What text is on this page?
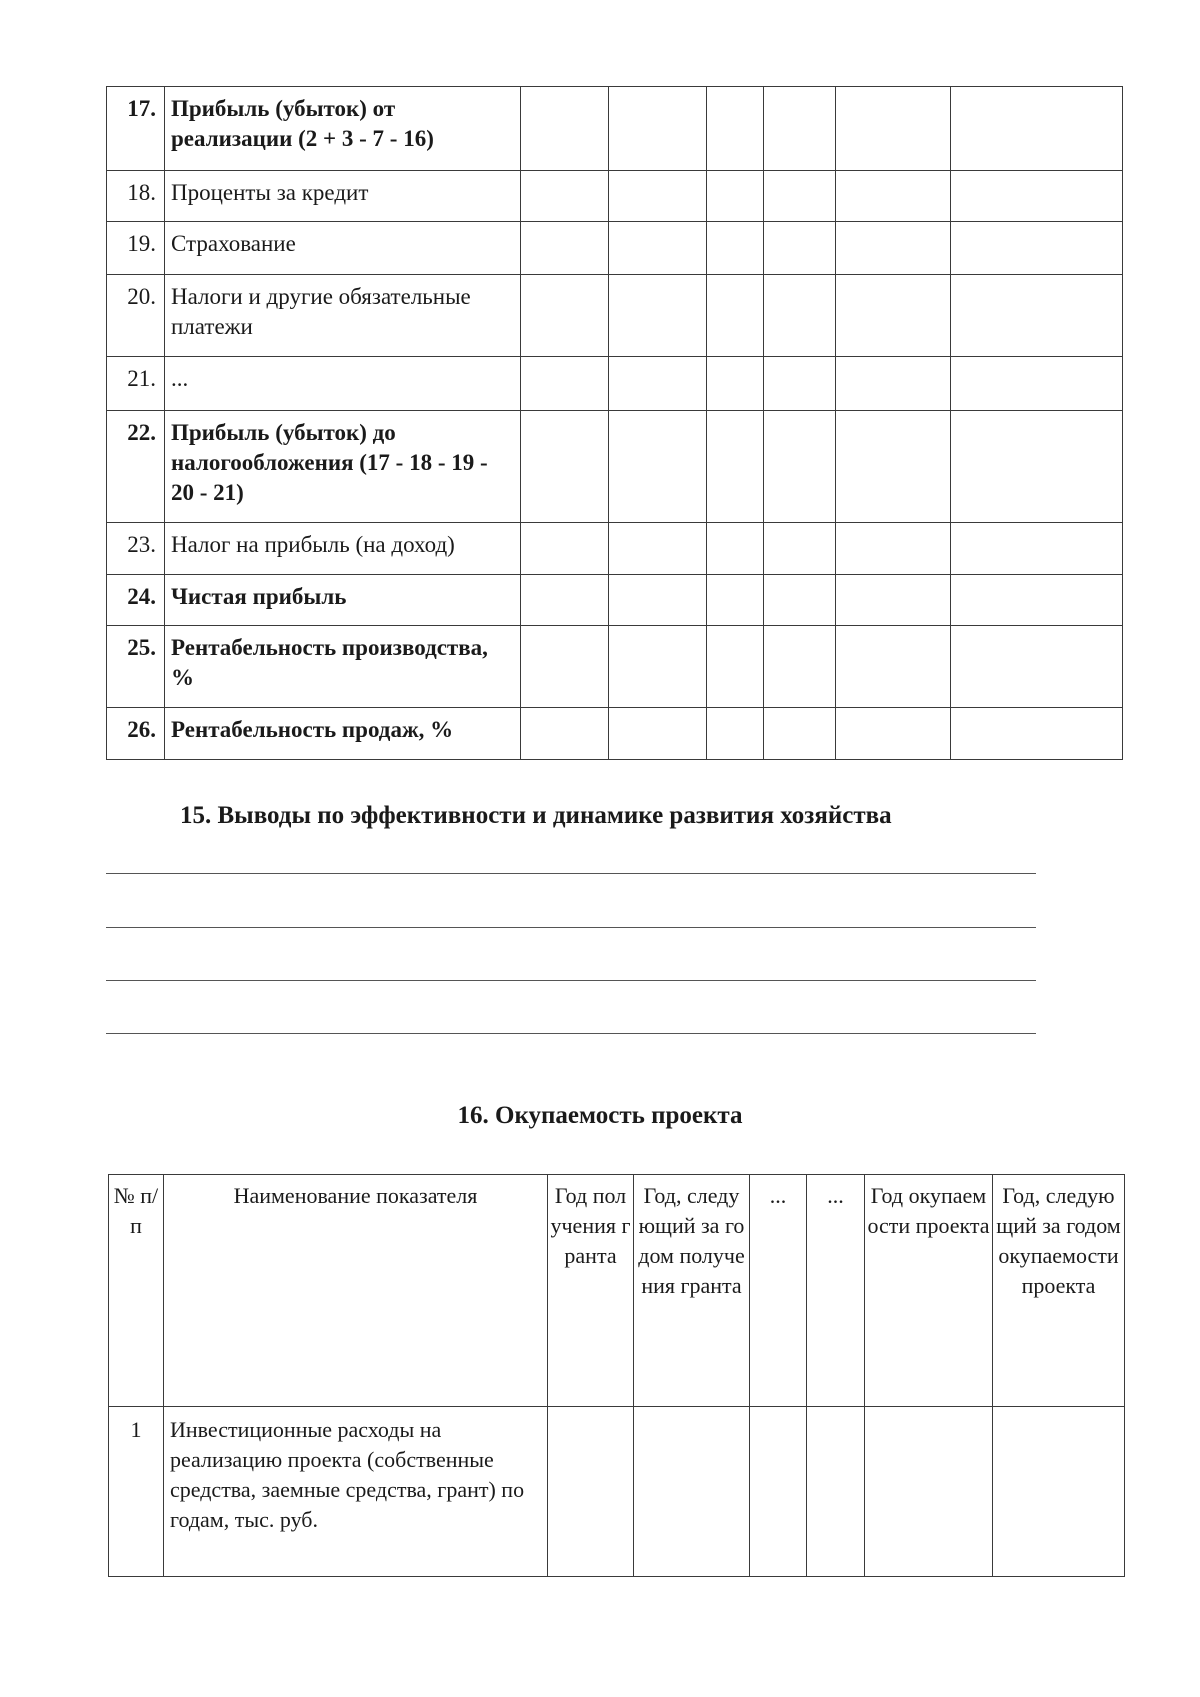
17.	Прибыль (убыток) от реализации (2 + 3 - 7 - 16)						
18.	Проценты за кредит						
19.	Страхование						
20.	Налоги и другие обязательные платежи						
21.	...						
22.	Прибыль (убыток) до налогообложения (17 - 18 - 19 - 20 - 21)						
23.	Налог на прибыль (на доход)						
24.	Чистая прибыль						
25.	Рентабельность производства, %						
26.	Рентабельность продаж, %						
15. Выводы по эффективности и динамике развития хозяйства
16. Окупаемость проекта
№ п/п	Наименование показателя	Год получения гранта	Год, следующий за годом получения гранта	...	...	Год окупаемости проекта	Год, следующий за годом окупаемости проекта
1	Инвестиционные расходы на реализацию проекта (собственные средства, заемные средства, грант) по годам, тыс. руб.						
